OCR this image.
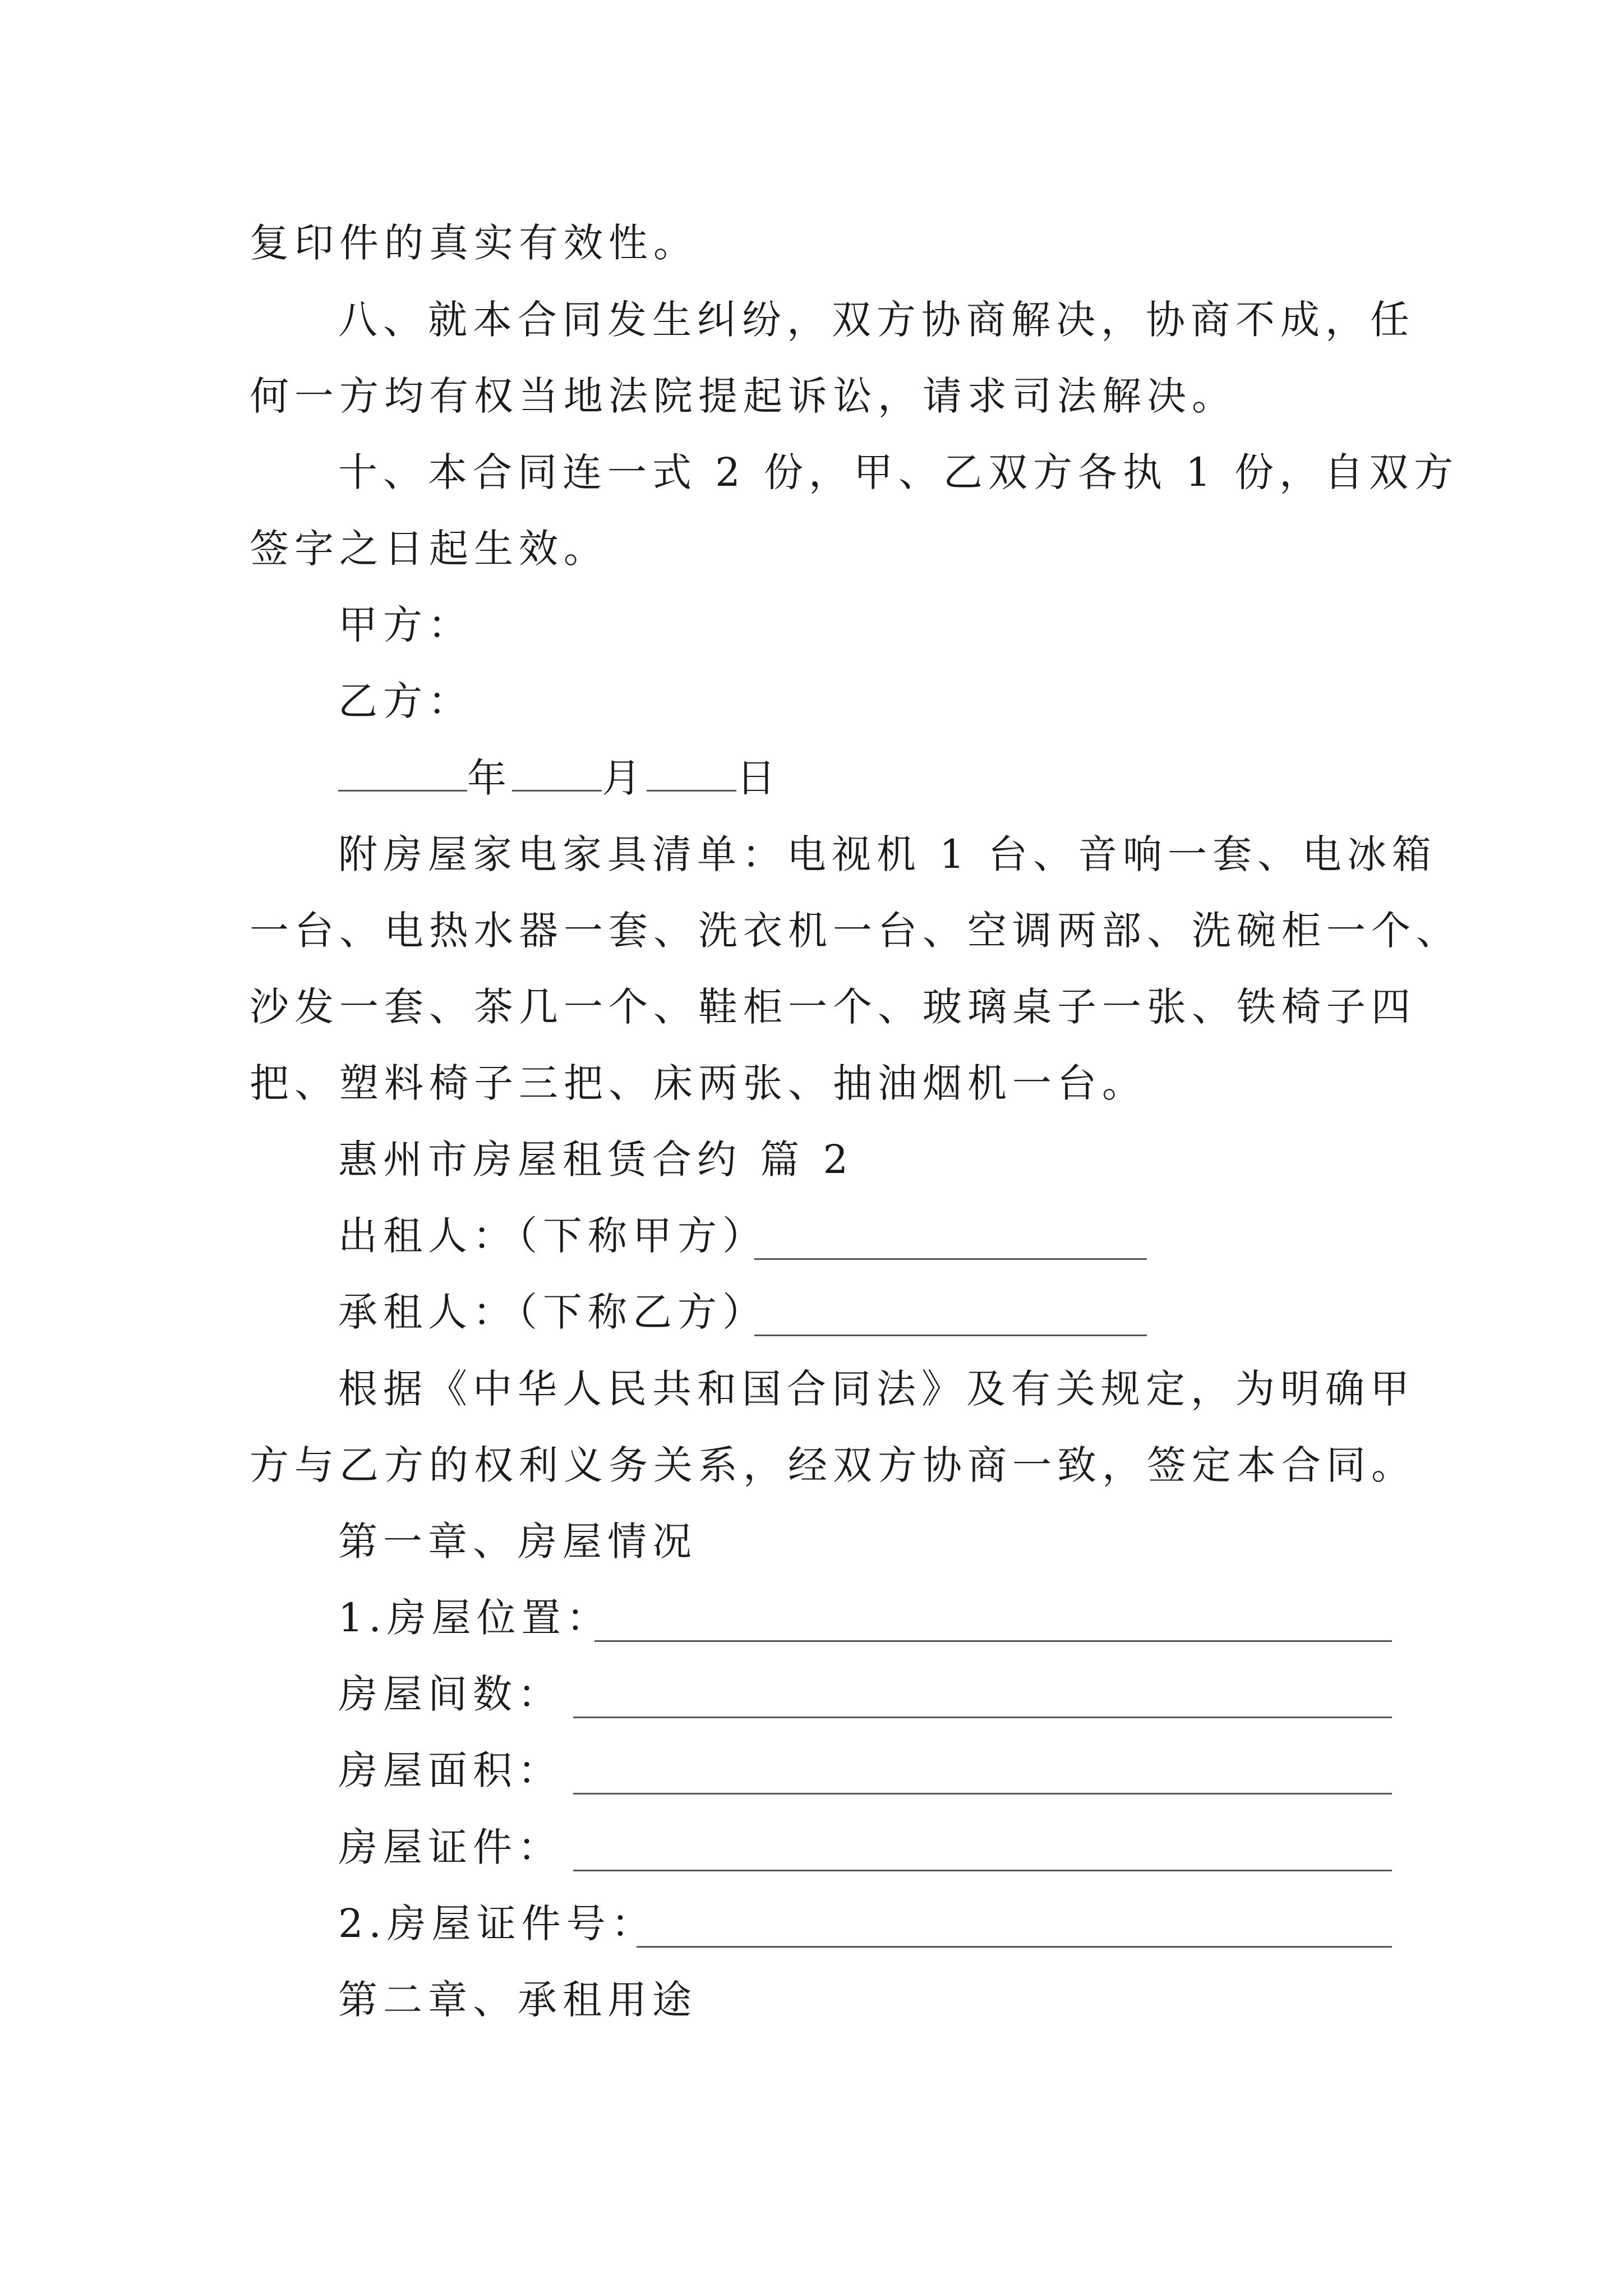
复印件的真实有效性。
八、就本合同发生纠纷，双方协商解决，协商不成，任
何一方均有权当地法院提起诉讼，请求司法解决。
十、本合同连一式 2 份，甲、乙双方各执 1 份，自双方
签字之日起生效。
甲方：
乙方：
年 月 日
附房屋家电家具清单：电视机 1 台、音响一套、电冰箱
一台、电热水器一套、洗衣机一台、空调两部、洗碗柜一个、
沙发一套、茶几一个、鞋柜一个、玻璃桌子一张、铁椅子四
把、塑料椅子三把、床两张、抽油烟机一台。
惠州市房屋租赁合约 篇 2
出租人：（下称甲方）
承租人：（下称乙方）
根据《中华人民共和国合同法》及有关规定，为明确甲
方与乙方的权利义务关系，经双方协商一致，签定本合同。
第一章、房屋情况
1.房屋位置：
房屋间数：
房屋面积：
房屋证件：
2.房屋证件号：
第二章、承租用途
